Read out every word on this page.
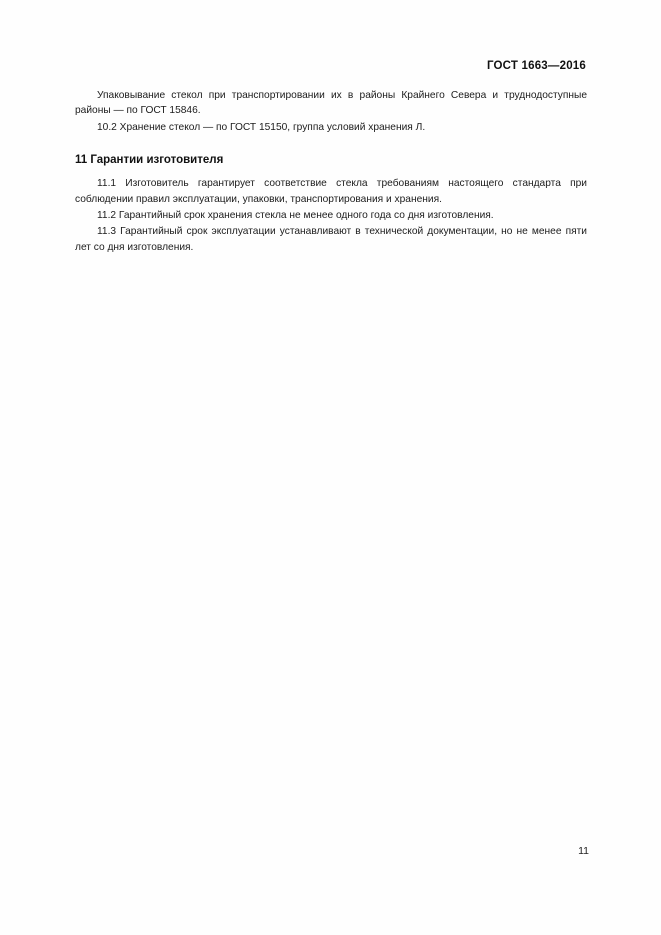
ГОСТ 1663—2016

Упаковывание стекол при транспортировании их в районы Крайнего Севера и труднодоступные районы — по ГОСТ 15846.

10.2 Хранение стекол — по ГОСТ 15150, группа условий хранения Л.

11 Гарантии изготовителя

11.1 Изготовитель гарантирует соответствие стекла требованиям настоящего стандарта при соблюдении правил эксплуатации, упаковки, транспортирования и хранения.

11.2 Гарантийный срок хранения стекла не менее одного года со дня изготовления.

11.3 Гарантийный срок эксплуатации устанавливают в технической документации, но не менее пяти лет со дня изготовления.

11
